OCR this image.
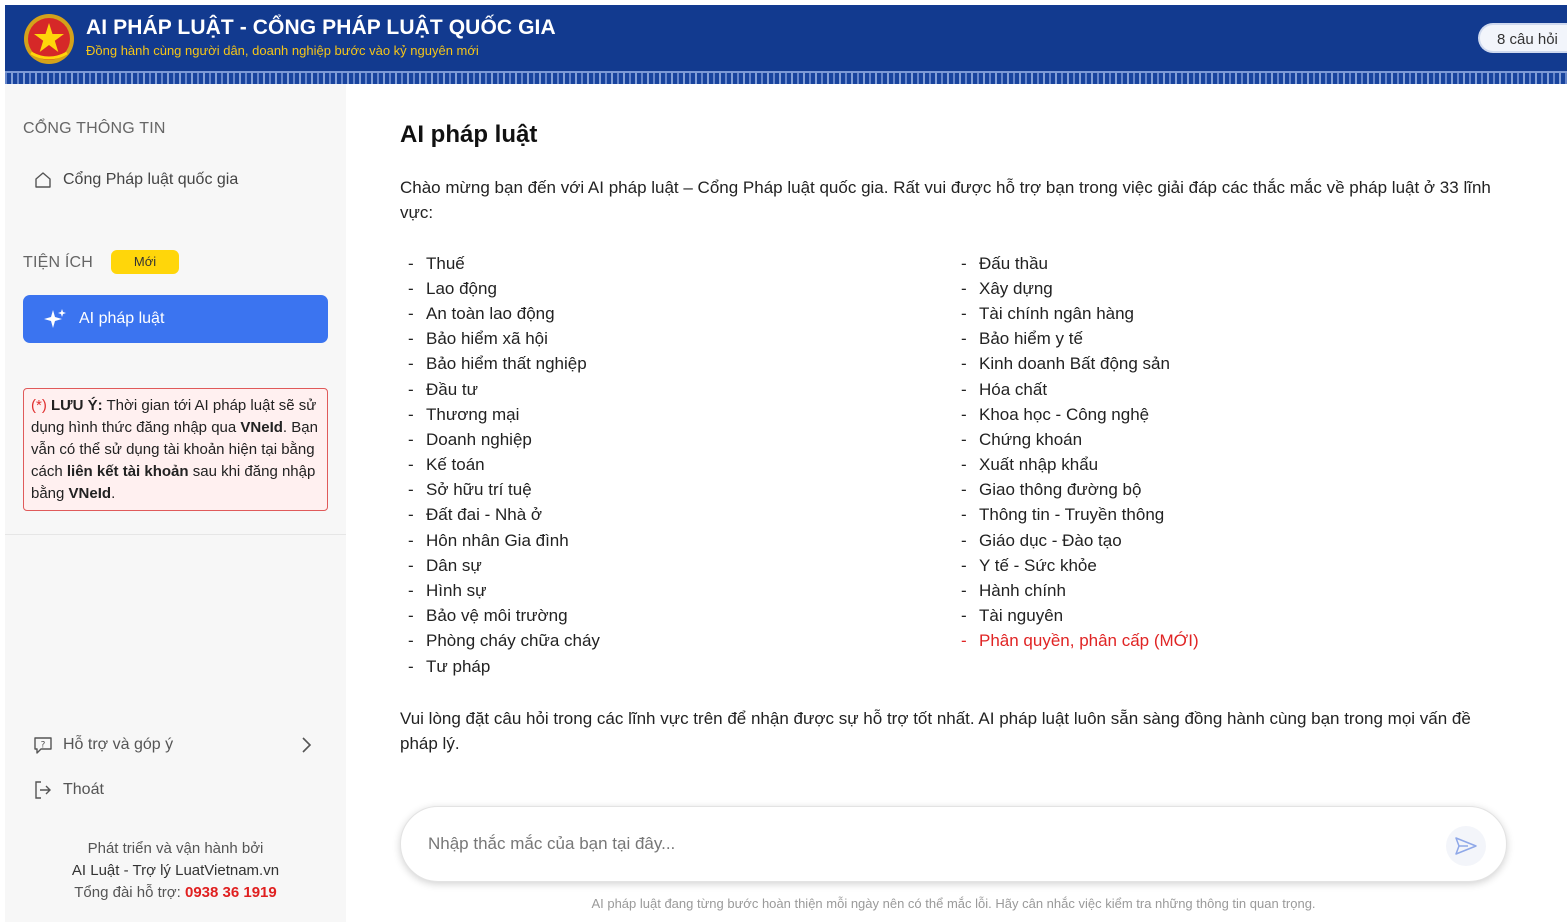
AI PHÁP LUẬT - CỔNG PHÁP LUẬT QUỐC GIA
Đồng hành cùng người dân, doanh nghiệp bước vào kỷ nguyên mới
8 câu hỏi
CỔNG THÔNG TIN
Cổng Pháp luật quốc gia
TIỆN ÍCH	Mới
AI pháp luật
(*) LƯU Ý: Thời gian tới AI pháp luật sẽ sử dụng hình thức đăng nhập qua VNeId. Bạn vẫn có thể sử dụng tài khoản hiện tại bằng cách liên kết tài khoản sau khi đăng nhập bằng VNeId.
? Hỗ trợ và góp ý
Thoát
Phát triển và vận hành bởi
AI Luật - Trợ lý LuatVietnam.vn
Tổng đài hỗ trợ: 0938 36 1919
AI pháp luật

Chào mừng bạn đến với AI pháp luật – Cổng Pháp luật quốc gia. Rất vui được hỗ trợ bạn trong việc giải đáp các thắc mắc về pháp luật ở 33 lĩnh vực:

- Thuế
- Lao động
- An toàn lao động
- Bảo hiểm xã hội
- Bảo hiểm thất nghiệp
- Đầu tư
- Thương mại
- Doanh nghiệp
- Kế toán
- Sở hữu trí tuệ
- Đất đai - Nhà ở
- Hôn nhân Gia đình
- Dân sự
- Hình sự
- Bảo vệ môi trường
- Phòng cháy chữa cháy
- Tư pháp
- Đấu thầu
- Xây dựng
- Tài chính ngân hàng
- Bảo hiểm y tế
- Kinh doanh Bất động sản
- Hóa chất
- Khoa học - Công nghệ
- Chứng khoán
- Xuất nhập khẩu
- Giao thông đường bộ
- Thông tin - Truyền thông
- Giáo dục - Đào tạo
- Y tế - Sức khỏe
- Hành chính
- Tài nguyên
- Phân quyền, phân cấp (MỚI)

Vui lòng đặt câu hỏi trong các lĩnh vực trên để nhận được sự hỗ trợ tốt nhất. AI pháp luật luôn sẵn sàng đồng hành cùng bạn trong mọi vấn đề pháp lý.

Nhập thắc mắc của bạn tại đây...
AI pháp luật đang từng bước hoàn thiện mỗi ngày nên có thể mắc lỗi. Hãy cân nhắc việc kiểm tra những thông tin quan trọng.
